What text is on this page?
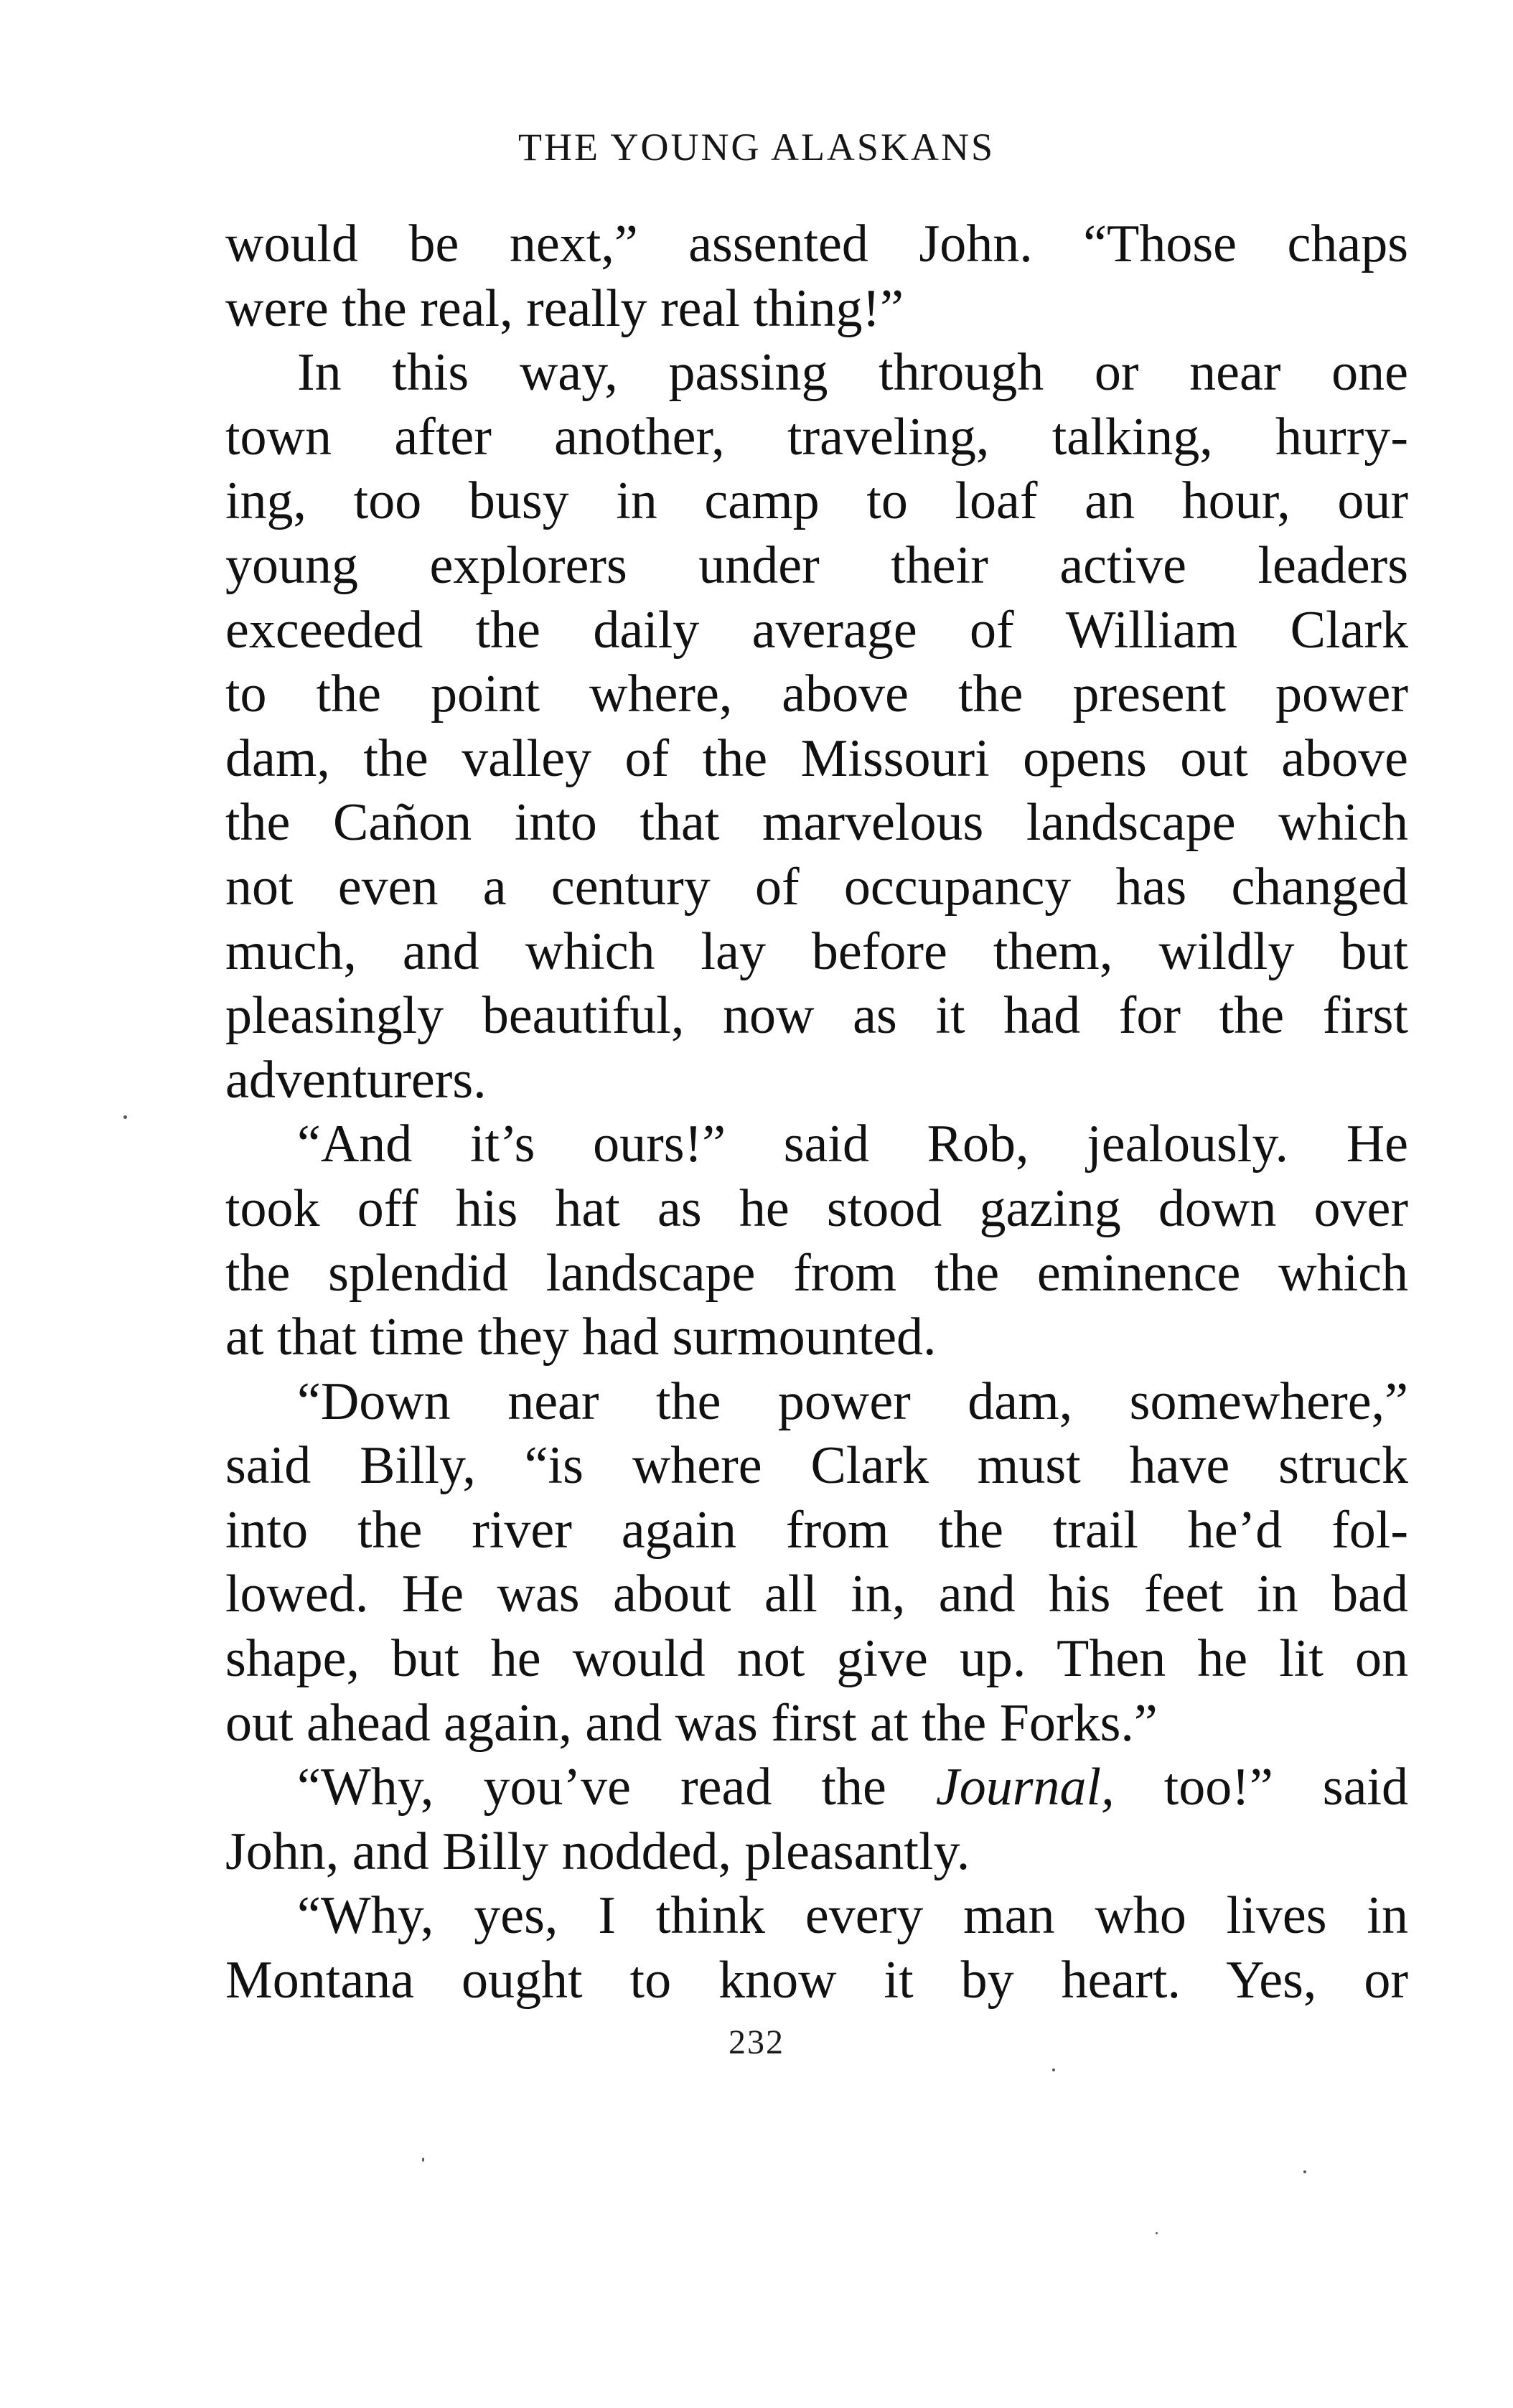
THE YOUNG ALASKANS
would be next,” assented John. “Those chaps
were the real, really real thing!”
In this way, passing through or near one
town after another, traveling, talking, hurry-
ing, too busy in camp to loaf an hour, our
young explorers under their active leaders
exceeded the daily average of William Clark
to the point where, above the present power
dam, the valley of the Missouri opens out above
the Cañon into that marvelous landscape which
not even a century of occupancy has changed
much, and which lay before them, wildly but
pleasingly beautiful, now as it had for the first
adventurers.
“And it’s ours!” said Rob, jealously. He
took off his hat as he stood gazing down over
the splendid landscape from the eminence which
at that time they had surmounted.
“Down near the power dam, somewhere,”
said Billy, “is where Clark must have struck
into the river again from the trail he’d fol-
lowed. He was about all in, and his feet in bad
shape, but he would not give up. Then he lit on
out ahead again, and was first at the Forks.”
“Why, you’ve read the Journal, too!” said
John, and Billy nodded, pleasantly.
“Why, yes, I think every man who lives in
Montana ought to know it by heart. Yes, or
232
